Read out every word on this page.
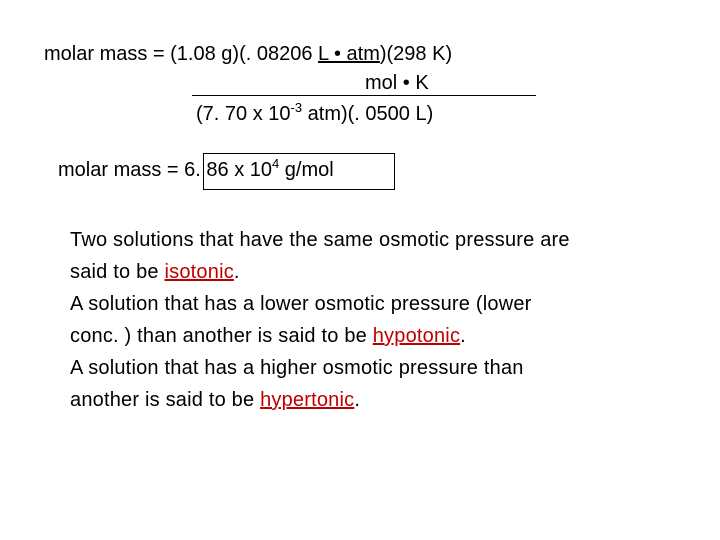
molar mass = (1.08 g)(. 08206 L • atm)(298 K)
mol • K
(7. 70 x $10^{-3}$ atm)(. 0500 L)
molar mass = 6. 86 x $10^4$ g/mol
Two solutions that have the same osmotic pressure are
said to be isotonic.
A solution that has a lower osmotic pressure (lower
conc. ) than another is said to be hypotonic.
A solution that has a higher osmotic pressure than
another is said to be hypertonic.
